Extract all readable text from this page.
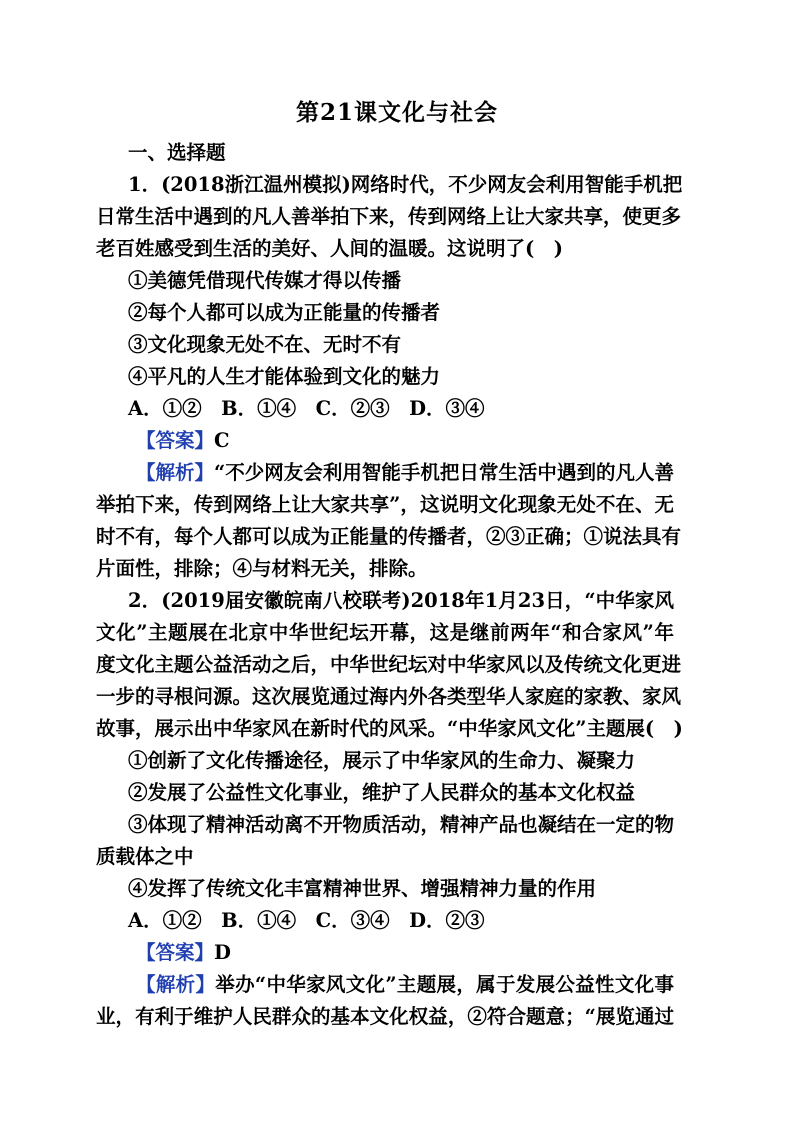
第21课文化与社会
一、选择题
1．(2018浙江温州模拟)网络时代，不少网友会利用智能手机把
日常生活中遇到的凡人善举拍下来，传到网络上让大家共享，使更多
老百姓感受到生活的美好、人间的温暖。这说明了(　)
①美德凭借现代传媒才得以传播
②每个人都可以成为正能量的传播者
③文化现象无处不在、无时不有
④平凡的人生才能体验到文化的魅力
A．①②　B．①④　C．②③　D．③④
【答案】C
【解析】“不少网友会利用智能手机把日常生活中遇到的凡人善
举拍下来，传到网络上让大家共享”，这说明文化现象无处不在、无
时不有，每个人都可以成为正能量的传播者，②③正确；①说法具有
片面性，排除；④与材料无关，排除。
2．(2019届安徽皖南八校联考)2018年1月23日，“中华家风
文化”主题展在北京中华世纪坛开幕，这是继前两年“和合家风”年
度文化主题公益活动之后，中华世纪坛对中华家风以及传统文化更进
一步的寻根问源。这次展览通过海内外各类型华人家庭的家教、家风
故事，展示出中华家风在新时代的风采。“中华家风文化”主题展(　)
①创新了文化传播途径，展示了中华家风的生命力、凝聚力
②发展了公益性文化事业，维护了人民群众的基本文化权益
③体现了精神活动离不开物质活动，精神产品也凝结在一定的物
质载体之中
④发挥了传统文化丰富精神世界、增强精神力量的作用
A．①②　B．①④　C．③④　D．②③
【答案】D
【解析】举办“中华家风文化”主题展，属于发展公益性文化事
业，有利于维护人民群众的基本文化权益，②符合题意；“展览通过
